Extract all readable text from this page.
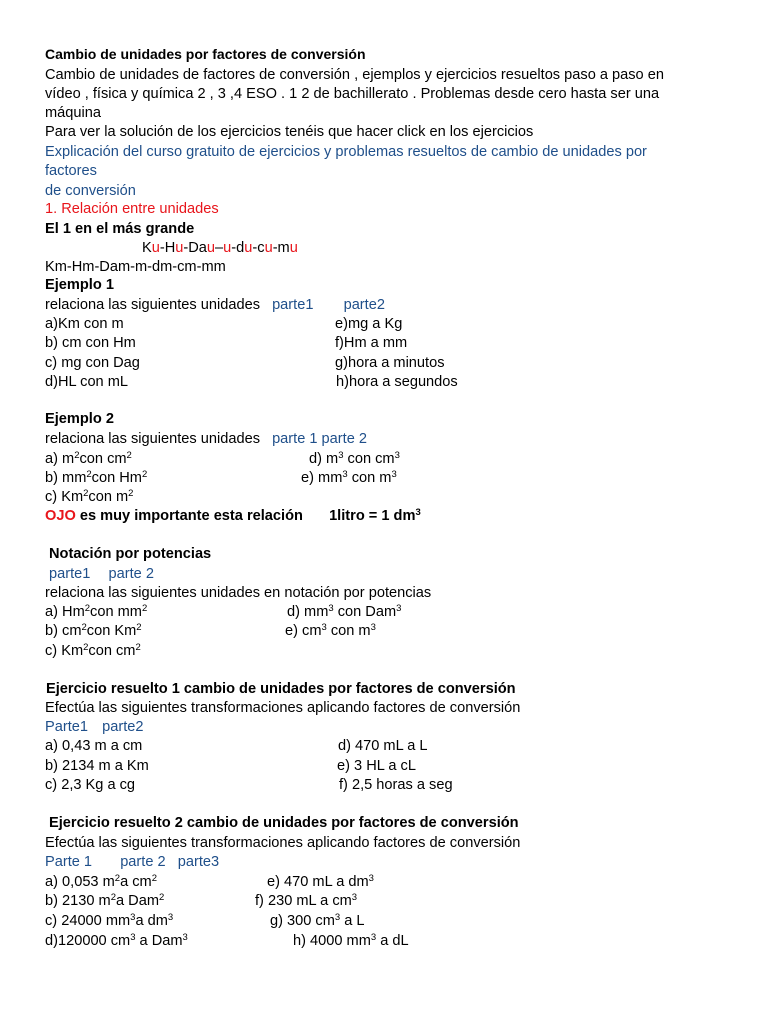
Cambio de unidades por factores de conversión
Cambio de unidades de factores de conversión , ejemplos y ejercicios resueltos paso a paso en
vídeo , física y química 2 , 3 ,4 ESO . 1 2 de bachillerato . Problemas desde cero hasta ser una
máquina
Para ver la solución de los ejercicios tenéis que hacer click en los ejercicios
Explicación del curso gratuito de ejercicios y problemas resueltos de cambio de unidades por
factores
de conversión
1. Relación entre unidades
El 1 en el más grande
Ku-Hu-Dau–u-du-cu-mu
Km-Hm-Dam-m-dm-cm-mm
Ejemplo 1
relaciona las siguientes unidades parte1 parte2
a)Km con m
b) cm con Hm
c) mg con Dag
d)HL con mL
e)mg a Kg
f)Hm a mm
g)hora a minutos
h)hora a segundos
Ejemplo 2
relaciona las siguientes unidades parte 1 parte 2
a) $m^2con$ $cm^2$
b) $mm^2con$ Hm$^2$
c) Km$^2$con $m^2$
d) $m^3$ con $cm^3$
e) $mm^3$ con $m^3$
OJO es muy importante esta relación 1litro = 1 $dm^3$
Notación por potencias
parte1 parte 2
relaciona las siguientes unidades en notación por potencias
a) Hm$^2$con $mm^2$
b) $cm^2con$ Km$^2$
c) Km$^2$con $cm^2$
d) $mm^3$ con Dam$^3$
e) $cm^3$ con $m^3$
Ejercicio resuelto 1 cambio de unidades por factores de conversión
Efectúa las siguientes transformaciones aplicando factores de conversión
Parte1 parte2
a) 0,43 m a cm
b) 2134 m a Km
c) 2,3 Kg a cg
d) 470 mL a L
e) 3 HL a cL
f) 2,5 horas a seg
Ejercicio resuelto 2 cambio de unidades por factores de conversión
Efectúa las siguientes transformaciones aplicando factores de conversión
Parte 1 parte 2 parte3
a) 0,053 $m^2a$ $cm^2$
b) 2130 $m^2a$ Dam$^2$
c) 24000 $mm^3a$ $dm^3$
d)120000 $cm^3$ a Dam$^3$
e) 470 mL a $dm^3$
f) 230 mL a $cm^3$
g) 300 $cm^3$ a L
h) 4000 $mm^3$ a dL
